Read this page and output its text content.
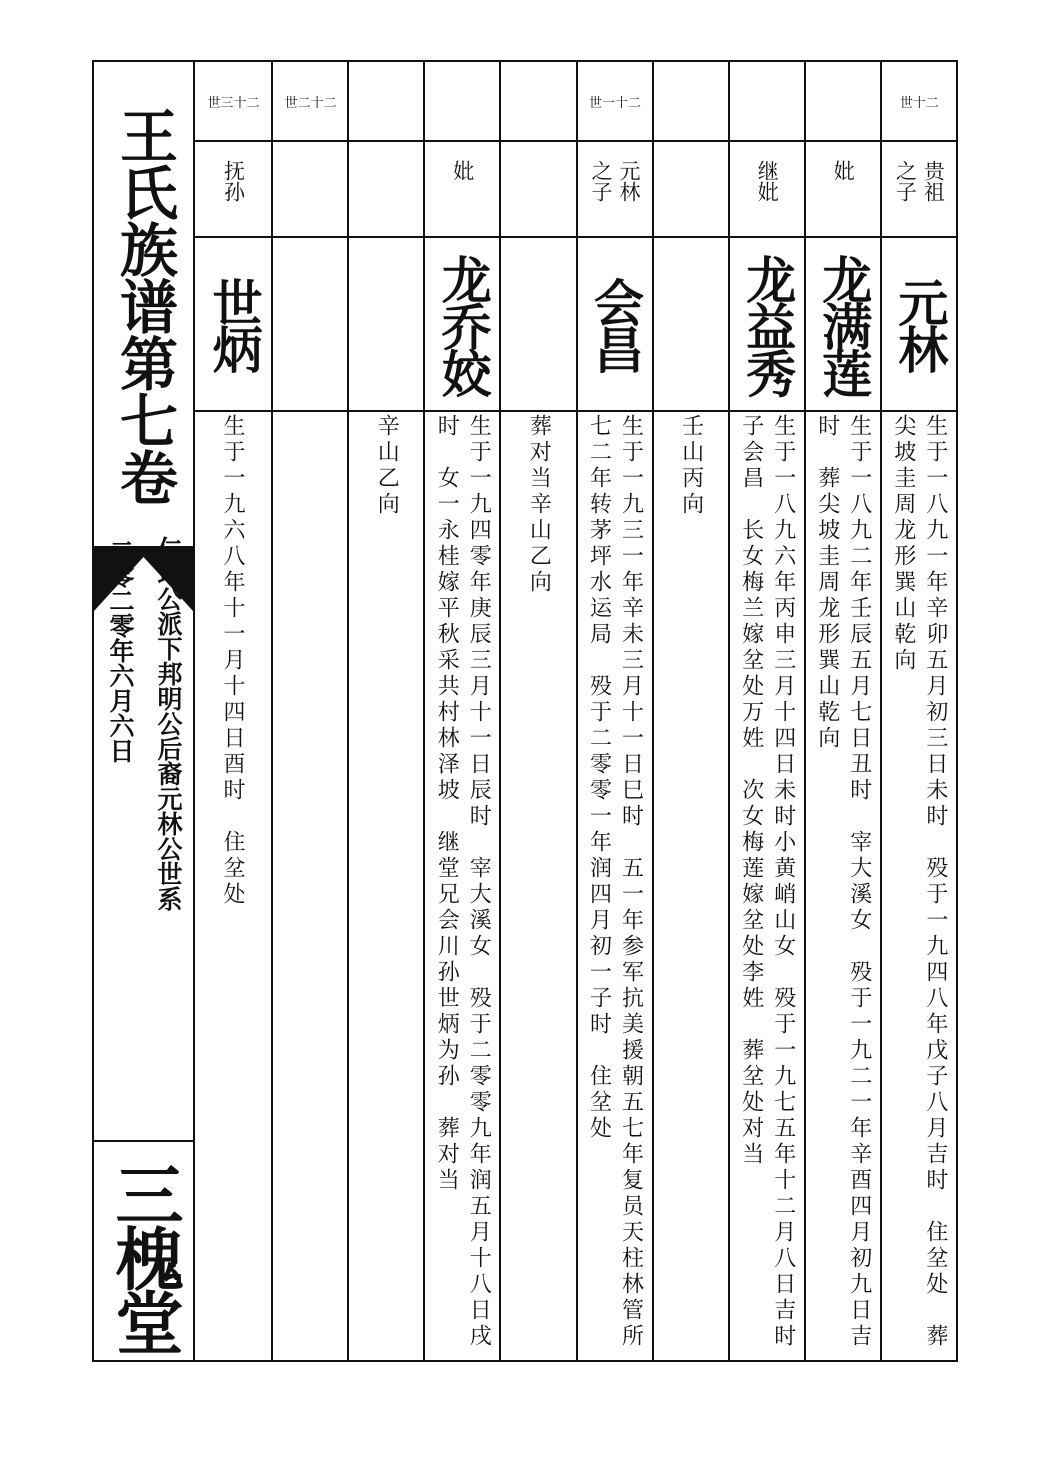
王氏族谱第七卷
仁琦公派下邦明公后裔元林公世系
二零二零年六月六日
三槐堂
世三十二
抚孙
世炳
生于一九六八年十一月十四日酉时　住坌处
世二十二
辛山乙向
妣
龙乔姣
生于一九四零年庚辰三月十一日辰时　宰大溪女　殁于二零零九年润五月十八日戌时　女一永桂嫁平秋采共村林泽坡　继堂兄会川孙世炳为孙　葬对当	葬对当辛山乙向
世一十二
元林之子
会昌
生于一九三一年辛未三月十一日巳时　五一年参军抗美援朝五七年复员天柱林管所七二年转茅坪水运局　殁于二零零一年润四月初一子时　住坌处	壬山丙向
继妣
龙益秀
生于一八九六年丙申三月十四日未时小黄峭山女　殁于一九七五年十二月八日吉时　子会昌　长女梅兰嫁坌处万姓　次女梅莲嫁坌处李姓　葬坌处对当
妣
龙满莲
生于一八九二年壬辰五月七日丑时　宰大溪女　殁于一九二一年辛酉四月初九日吉时　葬尖坡圭周龙形巽山乾向
世十二
贵祖之子
元林
生于一八九一年辛卯五月初三日未时　殁于一九四八年戊子八月吉时　住坌处　葬尖坡圭周龙形巽山乾向
